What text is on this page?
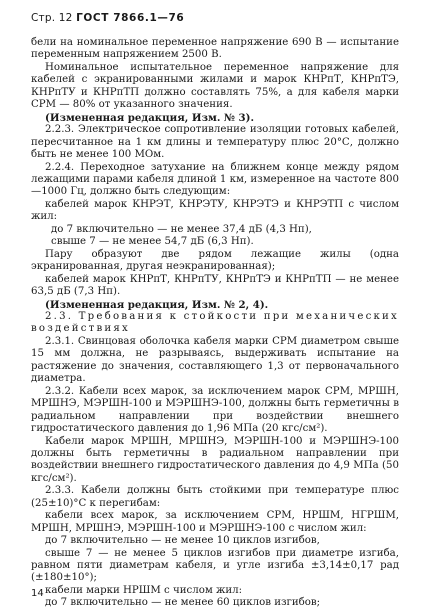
Стр. 12 ГОСТ 7866.1—76

бели на номинальное переменное напряжение 690 В — испытание переменным напряжением 2500 В.

Номинальное испытательное переменное напряжение для кабелей с экранированными жилами и марок КНРпТ, КНРпТЭ, КНРпТУ и КНРпТП должно составлять 75%, а для кабеля марки СРМ — 80% от указанного значения.

(Измененная редакция, Изм. № 3).

2.2.3. Электрическое сопротивление изоляции готовых кабелей, пересчитанное на 1 км длины и температуру плюс 20°С, должно быть не менее 100 МОм.

2.2.4. Переходное затухание на ближнем конце между рядом лежащими парами кабеля длиной 1 км, измеренное на частоте 800—1000 Гц, должно быть следующим:

кабелей марок КНРЭТ, КНРЭТУ, КНРЭТЭ и КНРЭТП с числом жил:

до 7 включительно — не менее 37,4 дБ (4,3 Нп),

свыше 7 — не менее 54,7 дБ (6,3 Нп).

Пару образуют две рядом лежащие жилы (одна экранированная, другая неэкранированная);

кабелей марок КНРпТ, КНРпТУ, КНРпТЭ и КНРпТП — не менее 63,5 дБ (7,3 Нп).

(Измененная редакция, Изм. № 2, 4).

2.3. Требования к стойкости при механических воздействиях

2.3.1. Свинцовая оболочка кабеля марки СРМ диаметром свыше 15 мм должна, не разрываясь, выдерживать испытание на растяжение до значения, составляющего 1,3 от первоначального диаметра.

2.3.2. Кабели всех марок, за исключением марок СРМ, МРШН, МРШНЭ, МЭРШН-100 и МЭРШНЭ-100, должны быть герметичны в радиальном направлении при воздействии внешнего гидростатического давления до 1,96 МПа (20 кгс/см²).

Кабели марок МРШН, МРШНЭ, МЭРШН-100 и МЭРШНЭ-100 должны быть герметичны в радиальном направлении при воздействии внешнего гидростатического давления до 4,9 МПа (50 кгс/см²).

2.3.3. Кабели должны быть стойкими при температуре плюс (25±10)°С к перегибам:

кабели всех марок, за исключением СРМ, НРШМ, НГРШМ, МРШН, МРШНЭ, МЭРШН-100 и МЭРШНЭ-100 с числом жил:

до 7 включительно — не менее 10 циклов изгибов,

свыше 7 — не менее 5 циклов изгибов при диаметре изгиба, равном пяти диаметрам кабеля, и угле изгиба ±3,14±0,17 рад (±180±10°);

кабели марки НРШМ с числом жил:

до 7 включительно — не менее 60 циклов изгибов;

14
